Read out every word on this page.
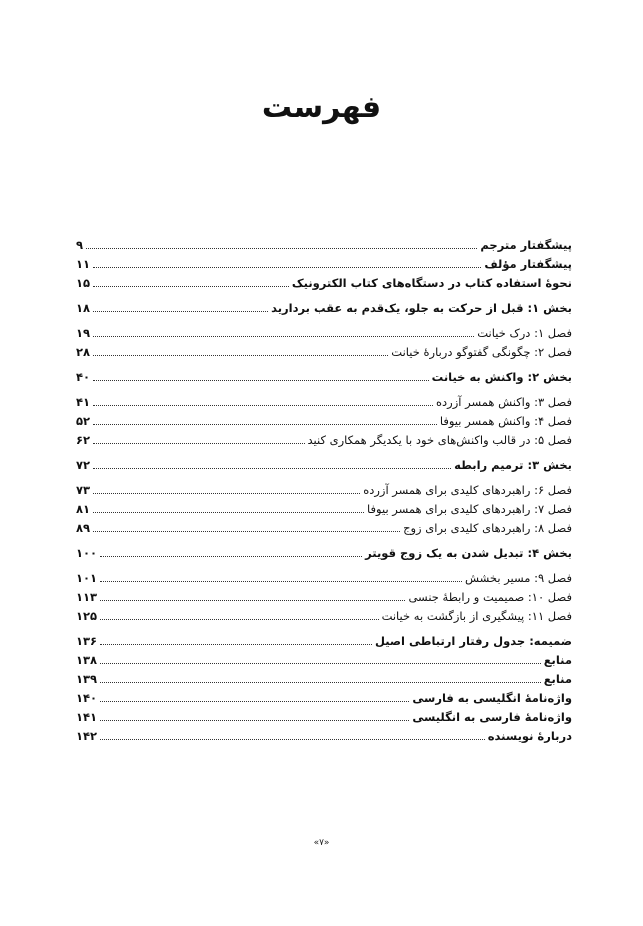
فهرست
پیشگفتار مترجم
۹
پیشگفتار مؤلف
۱۱
نحوهٔ استفاده کتاب در دستگاه‌های کتاب الکترونیک
۱۵
بخش ۱: قبل از حرکت به جلو، یک‌قدم به عقب بردارید
۱۸
فصل ۱: درک خیانت
۱۹
فصل ۲: چگونگی گفتوگو دربارهٔ خیانت
۲۸
بخش ۲: واکنش به خیانت
۴۰
فصل ۳: واکنش همسر آزرده
۴۱
فصل ۴: واکنش همسر بیوفا
۵۲
فصل ۵: در قالب واکنش‌های خود با یکدیگر همکاری کنید
۶۲
بخش ۳: ترمیم رابطه
۷۲
فصل ۶: راهبردهای کلیدی برای همسر آزرده
۷۳
فصل ۷: راهبردهای کلیدی برای همسر بیوفا
۸۱
فصل ۸: راهبردهای کلیدی برای زوج
۸۹
بخش ۴: تبدیل شدن به یک زوج قویتر
۱۰۰
فصل ۹: مسیر بخشش
۱۰۱
فصل ۱۰: صمیمیت و رابطهٔ جنسی
۱۱۳
فصل ۱۱: پیشگیری از بازگشت به خیانت
۱۲۵
ضمیمه: جدول رفتار ارتباطی اصیل
۱۳۶
منابع
۱۳۸
منابع
۱۳۹
واژه‌نامهٔ انگلیسی به فارسی
۱۴۰
واژه‌نامهٔ فارسی به انگلیسی
۱۴۱
دربارهٔ نویسنده
۱۴۲
«۷»
